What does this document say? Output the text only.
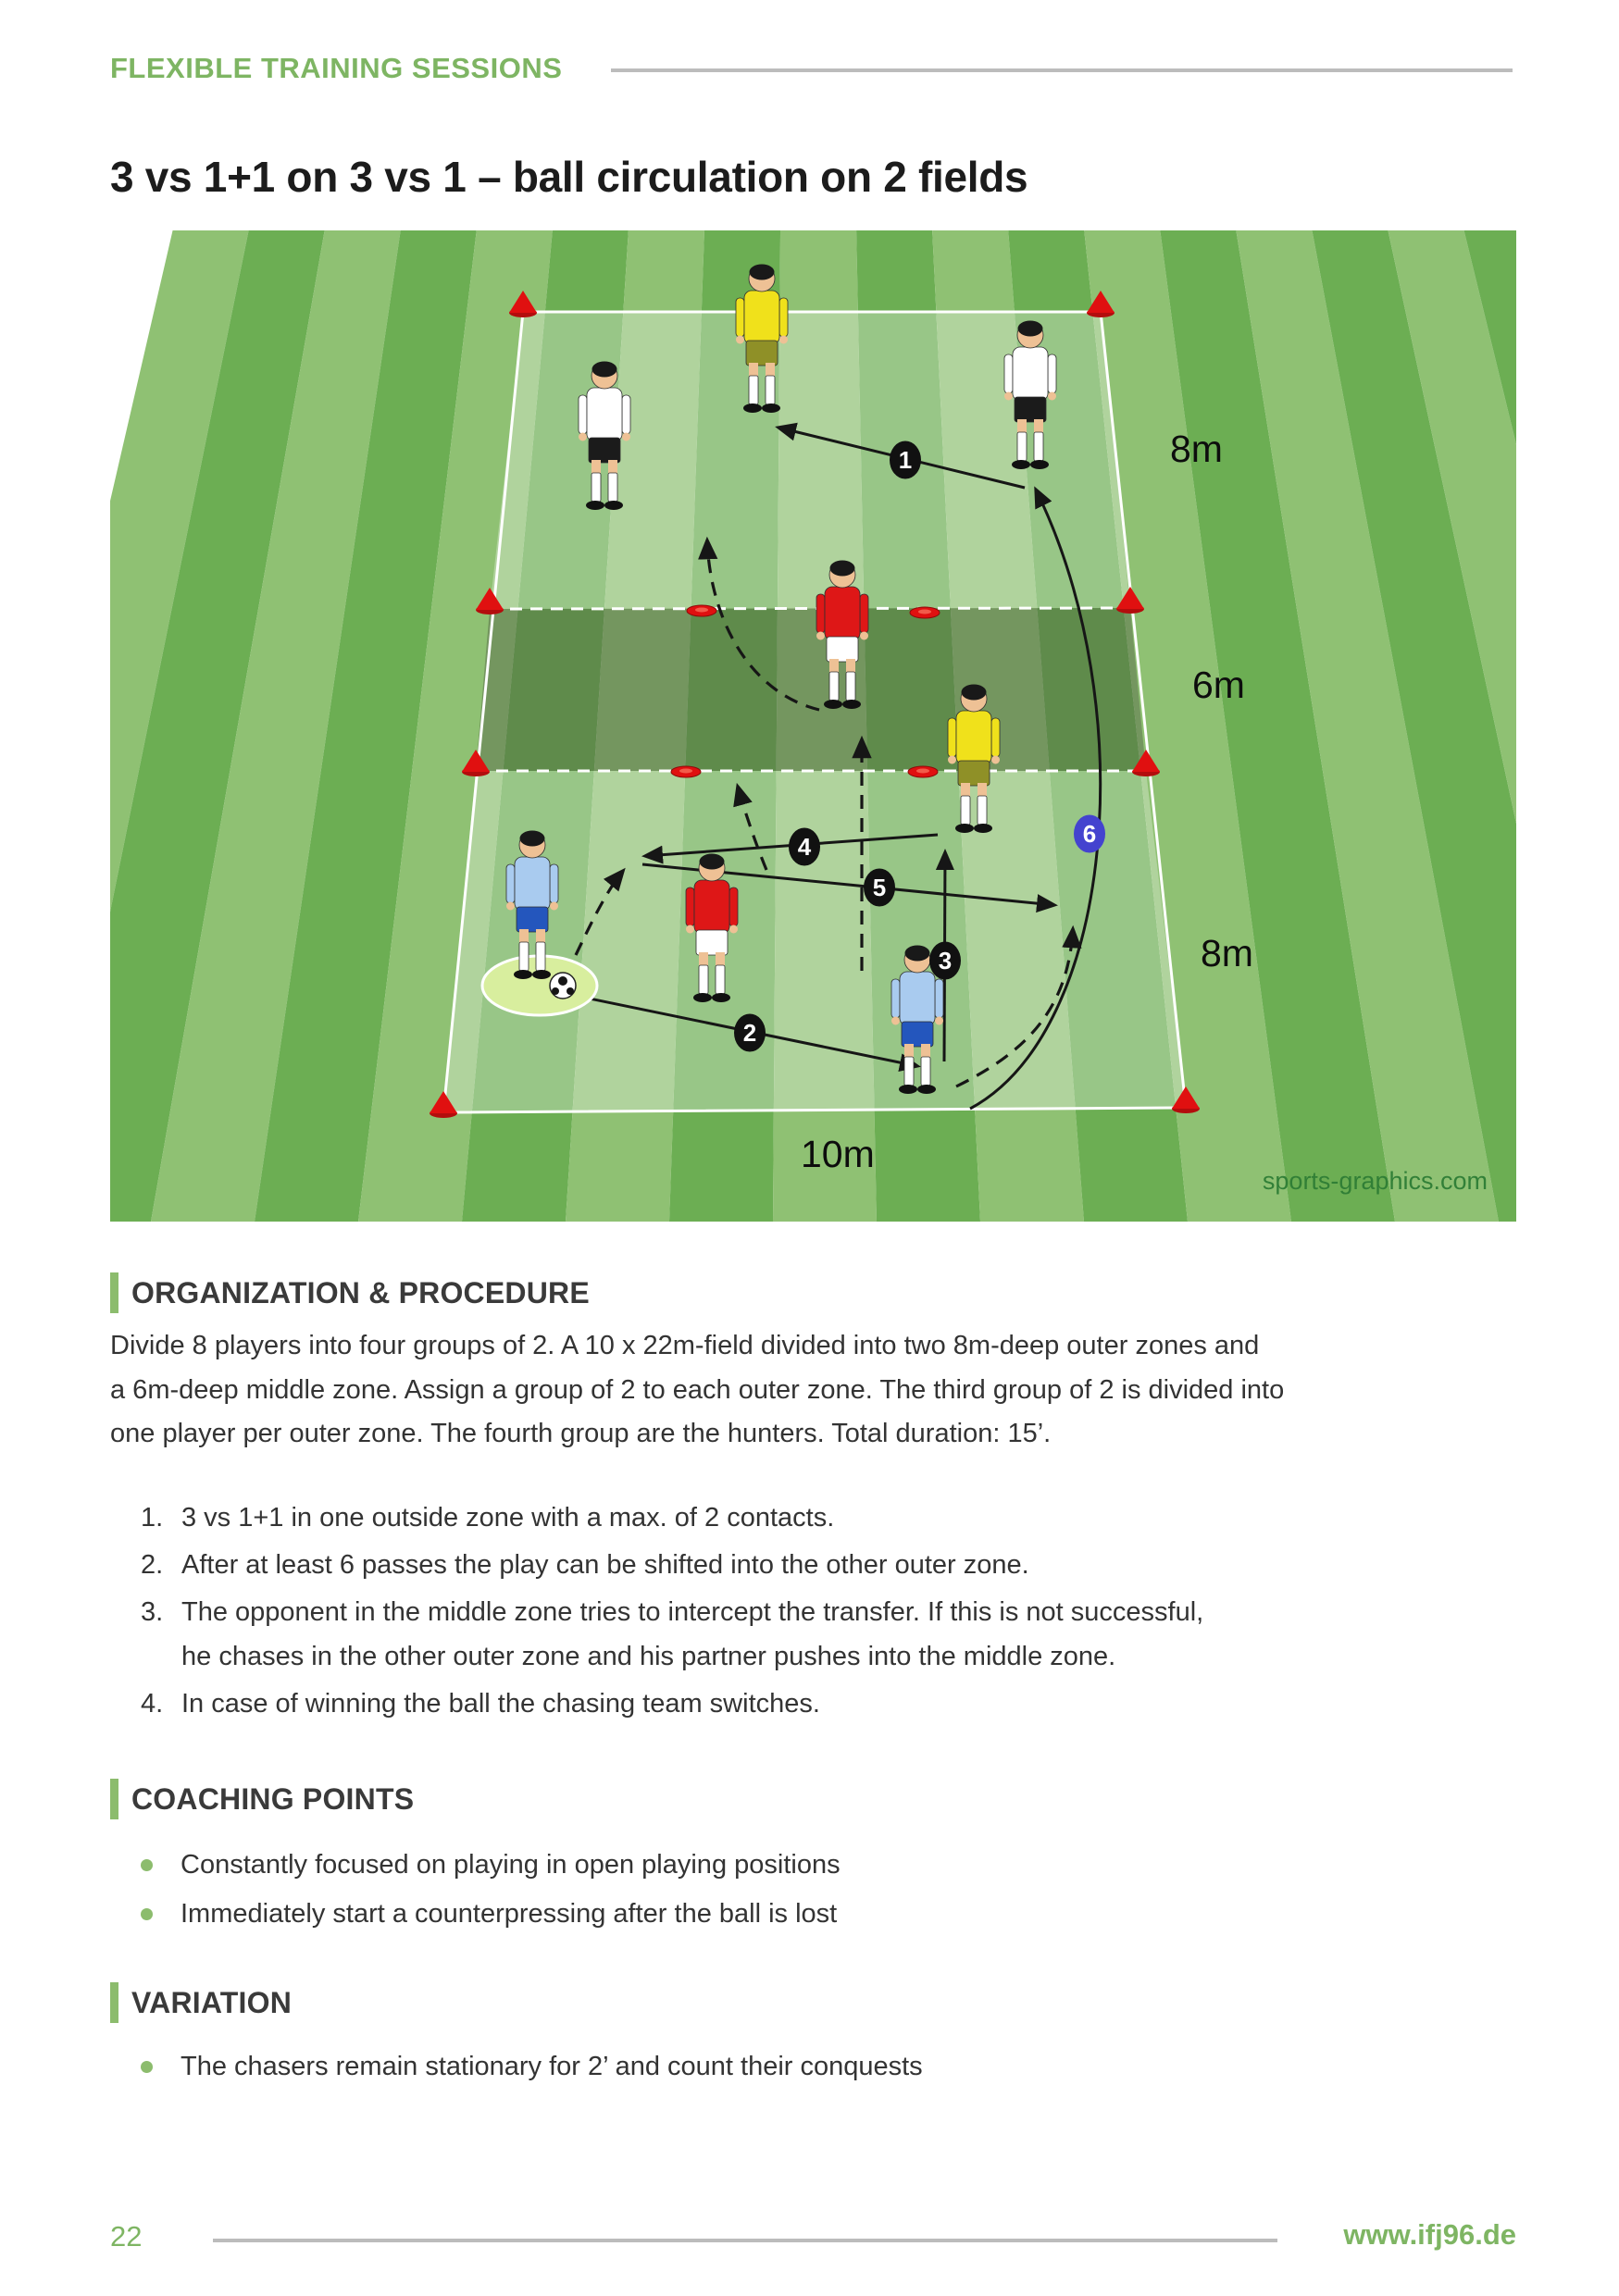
FLEXIBLE TRAINING SESSIONS
3 vs 1+1 on 3 vs 1 – ball circulation on 2 fields
1
2
3
4
5
6
8m
6m
8m
10m
sports-graphics.com
ORGANIZATION & PROCEDURE
Divide 8 players into four groups of 2. A 10 x 22m-field divided into two 8m-deep outer zones and
a 6m-deep middle zone. Assign a group of 2 to each outer zone. The third group of 2 is divided into
one player per outer zone. The fourth group are the hunters. Total duration: 15’.
1. 3 vs 1+1 in one outside zone with a max. of 2 contacts.
2. After at least 6 passes the play can be shifted into the other outer zone.
3. The opponent in the middle zone tries to intercept the transfer. If this is not successful,
he chases in the other outer zone and his partner pushes into the middle zone.
4. In case of winning the ball the chasing team switches.
COACHING POINTS
Constantly focused on playing in open playing positions
Immediately start a counterpressing after the ball is lost
VARIATION
The chasers remain stationary for 2’ and count their conquests
22	www.ifj96.de
